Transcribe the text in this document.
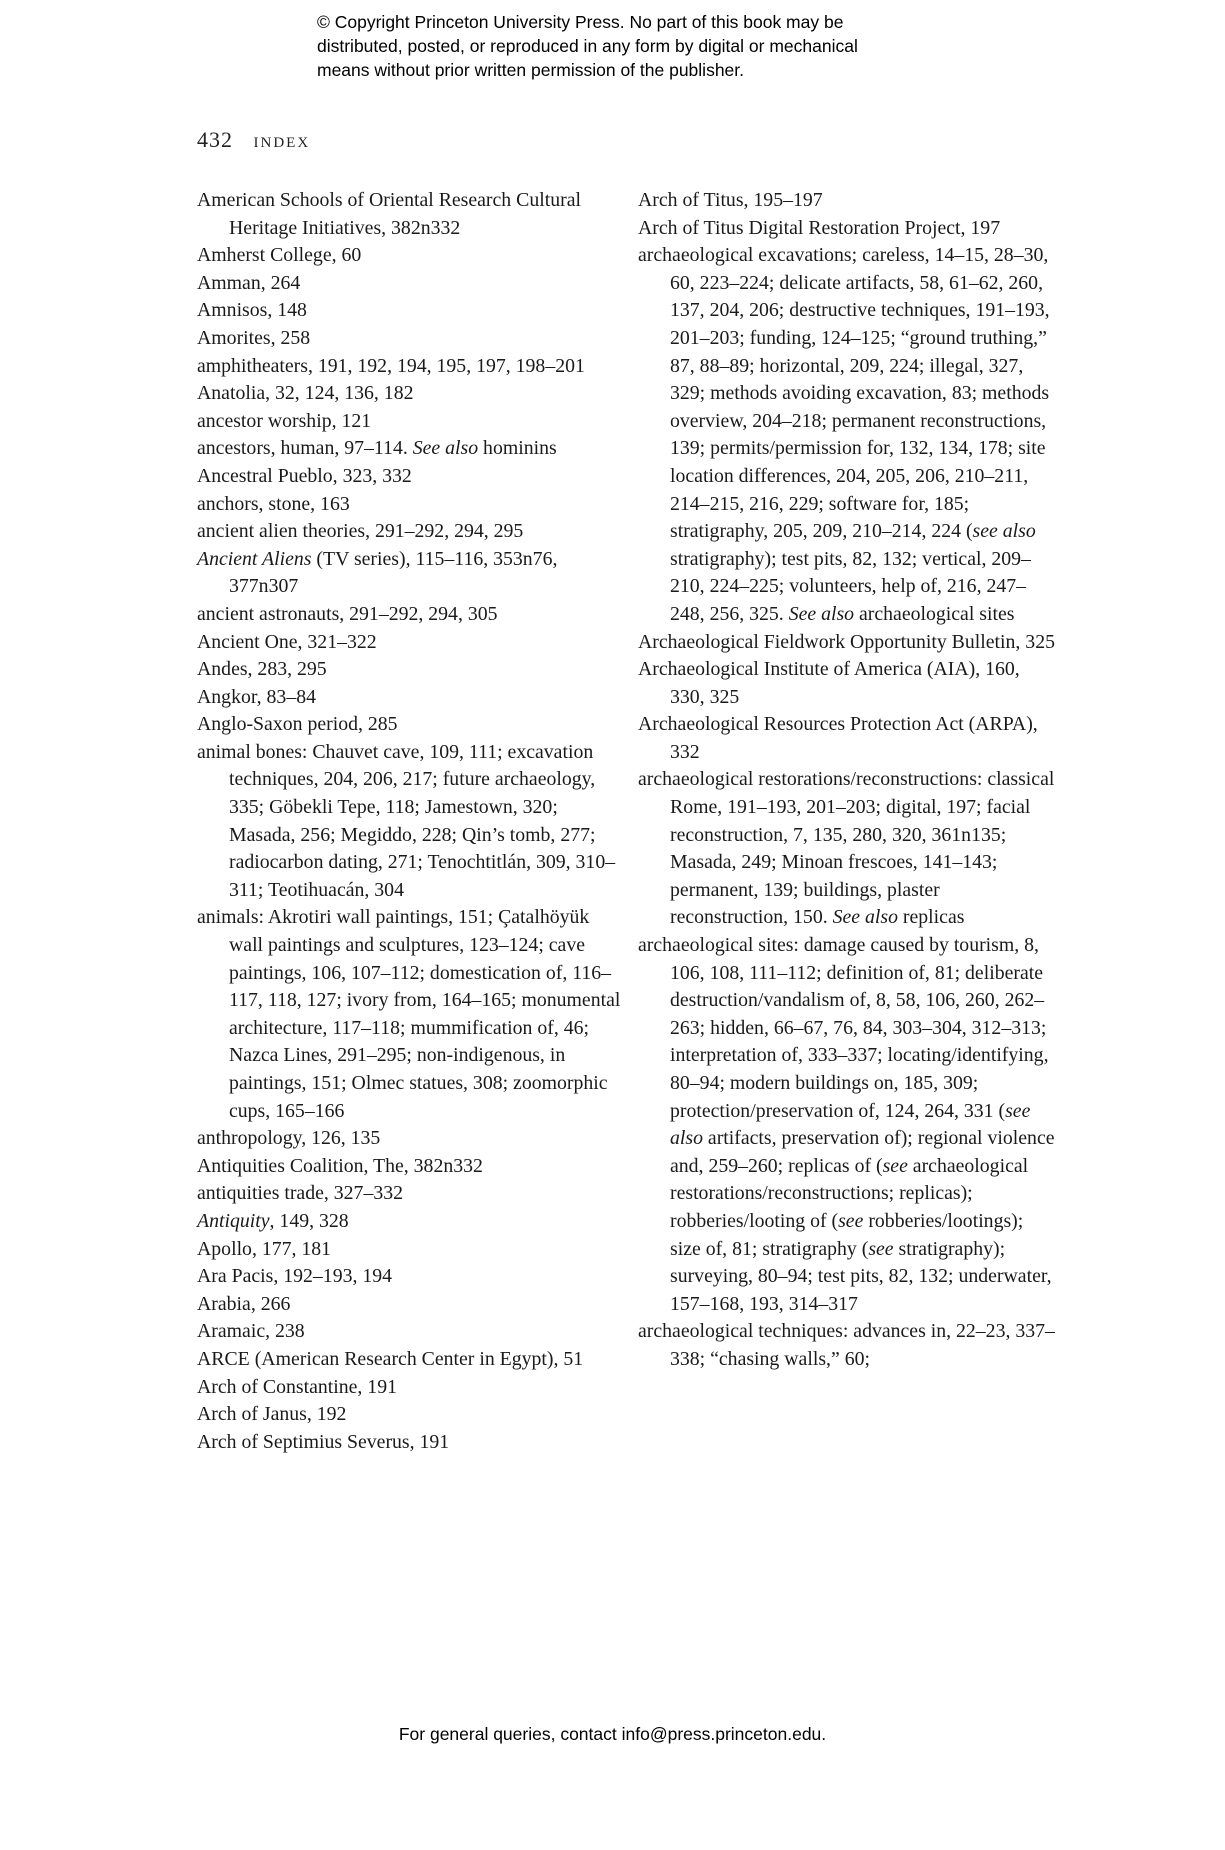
© Copyright Princeton University Press. No part of this book may be
distributed, posted, or reproduced in any form by digital or mechanical
means without prior written permission of the publisher.
432 index

American Schools of Oriental Research Cultural Heritage Initiatives, 382n332

Amherst College, 60

Amman, 264

Amnisos, 148

Amorites, 258

amphitheaters, 191, 192, 194, 195, 197, 198–201

Anatolia, 32, 124, 136, 182

ancestor worship, 121

ancestors, human, 97–114. See also hominins

Ancestral Pueblo, 323, 332

anchors, stone, 163

ancient alien theories, 291–292, 294, 295

Ancient Aliens (TV series), 115–116, 353n76, 377n307

ancient astronauts, 291–292, 294, 305

Ancient One, 321–322

Andes, 283, 295

Angkor, 83–84

Anglo-Saxon period, 285

animal bones: Chauvet cave, 109, 111; excavation techniques, 204, 206, 217; future archaeology, 335; Göbekli Tepe, 118; Jamestown, 320; Masada, 256; Megiddo, 228; Qin’s tomb, 277; radiocarbon dating, 271; Tenochtitlán, 309, 310–311; Teotihuacán, 304

animals: Akrotiri wall paintings, 151; Çatalhöyük wall paintings and sculptures, 123–124; cave paintings, 106, 107–112; domestication of, 116–117, 118, 127; ivory from, 164–165; monumental architecture, 117–118; mummification of, 46; Nazca Lines, 291–295; non-indigenous, in paintings, 151; Olmec statues, 308; zoomorphic cups, 165–166

anthropology, 126, 135

Antiquities Coalition, The, 382n332

antiquities trade, 327–332

Antiquity, 149, 328

Apollo, 177, 181

Ara Pacis, 192–193, 194

Arabia, 266

Aramaic, 238

ARCE (American Research Center in Egypt), 51

Arch of Constantine, 191

Arch of Janus, 192

Arch of Septimius Severus, 191

Arch of Titus, 195–197

Arch of Titus Digital Restoration Project, 197

archaeological excavations; careless, 14–15, 28–30, 60, 223–224; delicate artifacts, 58, 61–62, 260, 137, 204, 206; destructive techniques, 191–193, 201–203; funding, 124–125; “ground truthing,” 87, 88–89; horizontal, 209, 224; illegal, 327, 329; methods avoiding excavation, 83; methods overview, 204–218; permanent reconstructions, 139; permits/permission for, 132, 134, 178; site location differences, 204, 205, 206, 210–211, 214–215, 216, 229; software for, 185; stratigraphy, 205, 209, 210–214, 224 (see also stratigraphy); test pits, 82, 132; vertical, 209–210, 224–225; volunteers, help of, 216, 247–248, 256, 325. See also archaeological sites

Archaeological Fieldwork Opportunity Bulletin, 325

Archaeological Institute of America (AIA), 160, 330, 325

Archaeological Resources Protection Act (ARPA), 332

archaeological restorations/reconstructions: classical Rome, 191–193, 201–203; digital, 197; facial reconstruction, 7, 135, 280, 320, 361n135; Masada, 249; Minoan frescoes, 141–143; permanent, 139; buildings, plaster reconstruction, 150. See also replicas

archaeological sites: damage caused by tourism, 8, 106, 108, 111–112; definition of, 81; deliberate destruction/vandalism of, 8, 58, 106, 260, 262–263; hidden, 66–67, 76, 84, 303–304, 312–313; interpretation of, 333–337; locating/identifying, 80–94; modern buildings on, 185, 309; protection/preservation of, 124, 264, 331 (see also artifacts, preservation of); regional violence and, 259–260; replicas of (see archaeological restorations/reconstructions; replicas); robberies/looting of (see robberies/lootings); size of, 81; stratigraphy (see stratigraphy); surveying, 80–94; test pits, 82, 132; underwater, 157–168, 193, 314–317

archaeological techniques: advances in, 22–23, 337–338; “chasing walls,” 60;

For general queries, contact info@press.princeton.edu.
